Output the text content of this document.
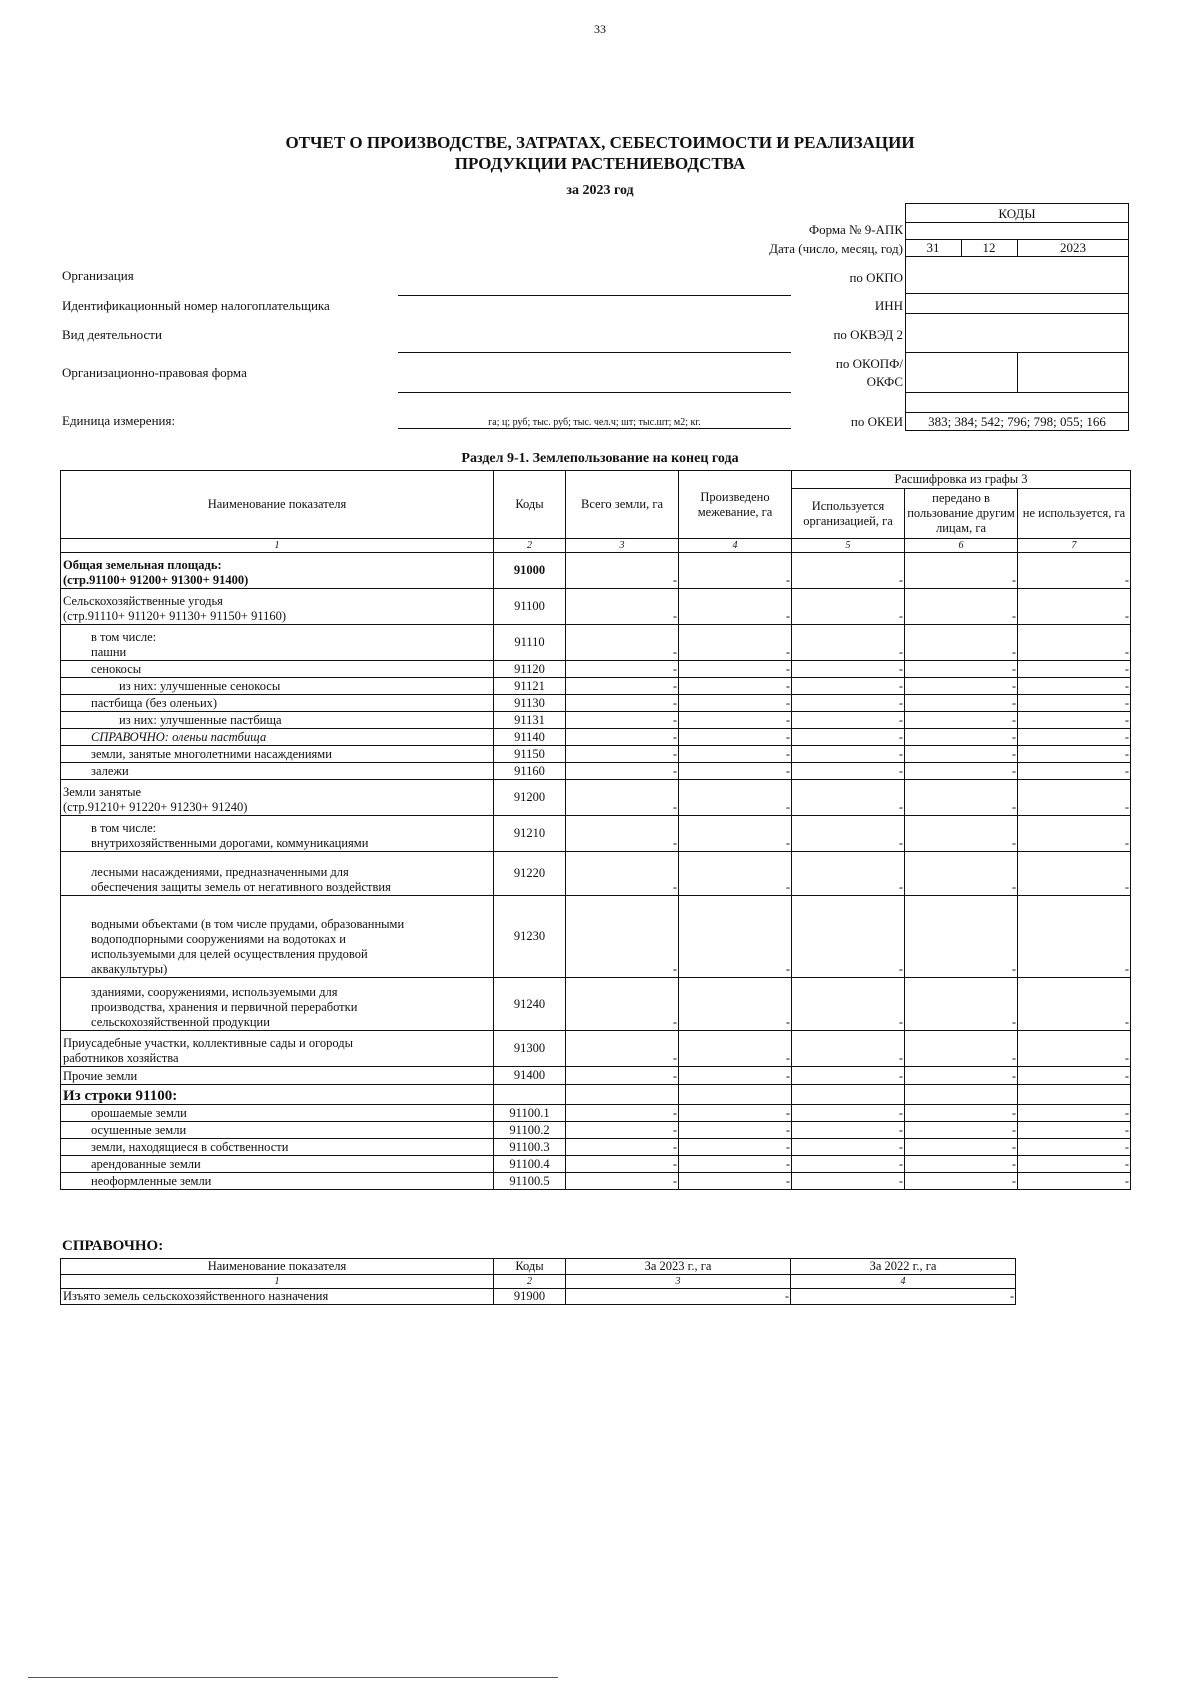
33
ОТЧЕТ О ПРОИЗВОДСТВЕ, ЗАТРАТАХ, СЕБЕСТОИМОСТИ И РЕАЛИЗАЦИИ
ПРОДУКЦИИ РАСТЕНИЕВОДСТВА
за 2023 год
КОДЫ
31	12	2023
Форма № 9-АПК
Дата (число, месяц, год)
Организация	по ОКПО
Идентификационный номер налогоплательщика	ИНН
Вид деятельности	по ОКВЭД 2
Организационно-правовая форма
по ОКОПФ/
ОКФС
Единица измерения:	га; ц; руб; тыс. руб; тыс. чел.ч; шт; тыс.шт; м2; кг.	по ОКЕИ	383; 384; 542; 796; 798; 055; 166
Раздел 9-1. Землепользование на конец года
Наименование показателя	Коды	Всего земли, га	Произведено межевание, га	Расшифровка из графы 3		
				Используется организацией, га	передано в пользование другим лицам, га	не используется, га
1	2	3	4	5	6	7

Общая земельная площадь:
(стр.91100+ 91200+ 91300+ 91400)	91000	-	-	-	-	-

Сельскохозяйственные угодья
(стр.91110+ 91120+ 91130+ 91150+ 91160)	91100	-	-	-	-	-

в том числе:
пашни	91110	-	-	-	-	-

сенокосы	91120	-	-	-	-	-

из них: улучшенные сенокосы	91121	-	-	-	-	-

пастбища (без оленьих)	91130	-	-	-	-	-

из них: улучшенные пастбища	91131	-	-	-	-	-

СПРАВОЧНО: оленьи пастбища	91140	-	-	-	-	-

земли, занятые многолетними насаждениями	91150	-	-	-	-	-

залежи	91160	-	-	-	-	-

Земли занятые
(стр.91210+ 91220+ 91230+ 91240)	91200	-	-	-	-	-

в том числе:
внутрихозяйственными дорогами, коммуникациями	91210	-	-	-	-	-

лесными насаждениями, предназначенными для
обеспечения защиты земель от негативного воздействия	91220	-	-	-	-	-

водными объектами (в том числе прудами, образованными
водоподпорными сооружениями на водотоках и
используемыми для целей осуществления прудовой
аквакультуры)	91230	-	-	-	-	-

зданиями, сооружениями, используемыми для
производства, хранения и первичной переработки
сельскохозяйственной продукции	91240	-	-	-	-	-

Приусадебные участки, коллективные сады и огороды
работников хозяйства	91300	-	-	-	-	-

Прочие земли	91400	-	-	-	-	-

Из строки 91100:						

орошаемые земли	91100.1	-	-	-	-	-

осушенные земли	91100.2	-	-	-	-	-

земли, находящиеся в собственности	91100.3	-	-	-	-	-

арендованные земли	91100.4	-	-	-	-	-

неоформленные земли	91100.5	-	-	-	-	-
СПРАВОЧНО:
Наименование показателя	Коды	За 2023 г., га	За 2022 г., га
1	2	3	4
Изъято земель сельскохозяйственного назначения	91900	-	-
